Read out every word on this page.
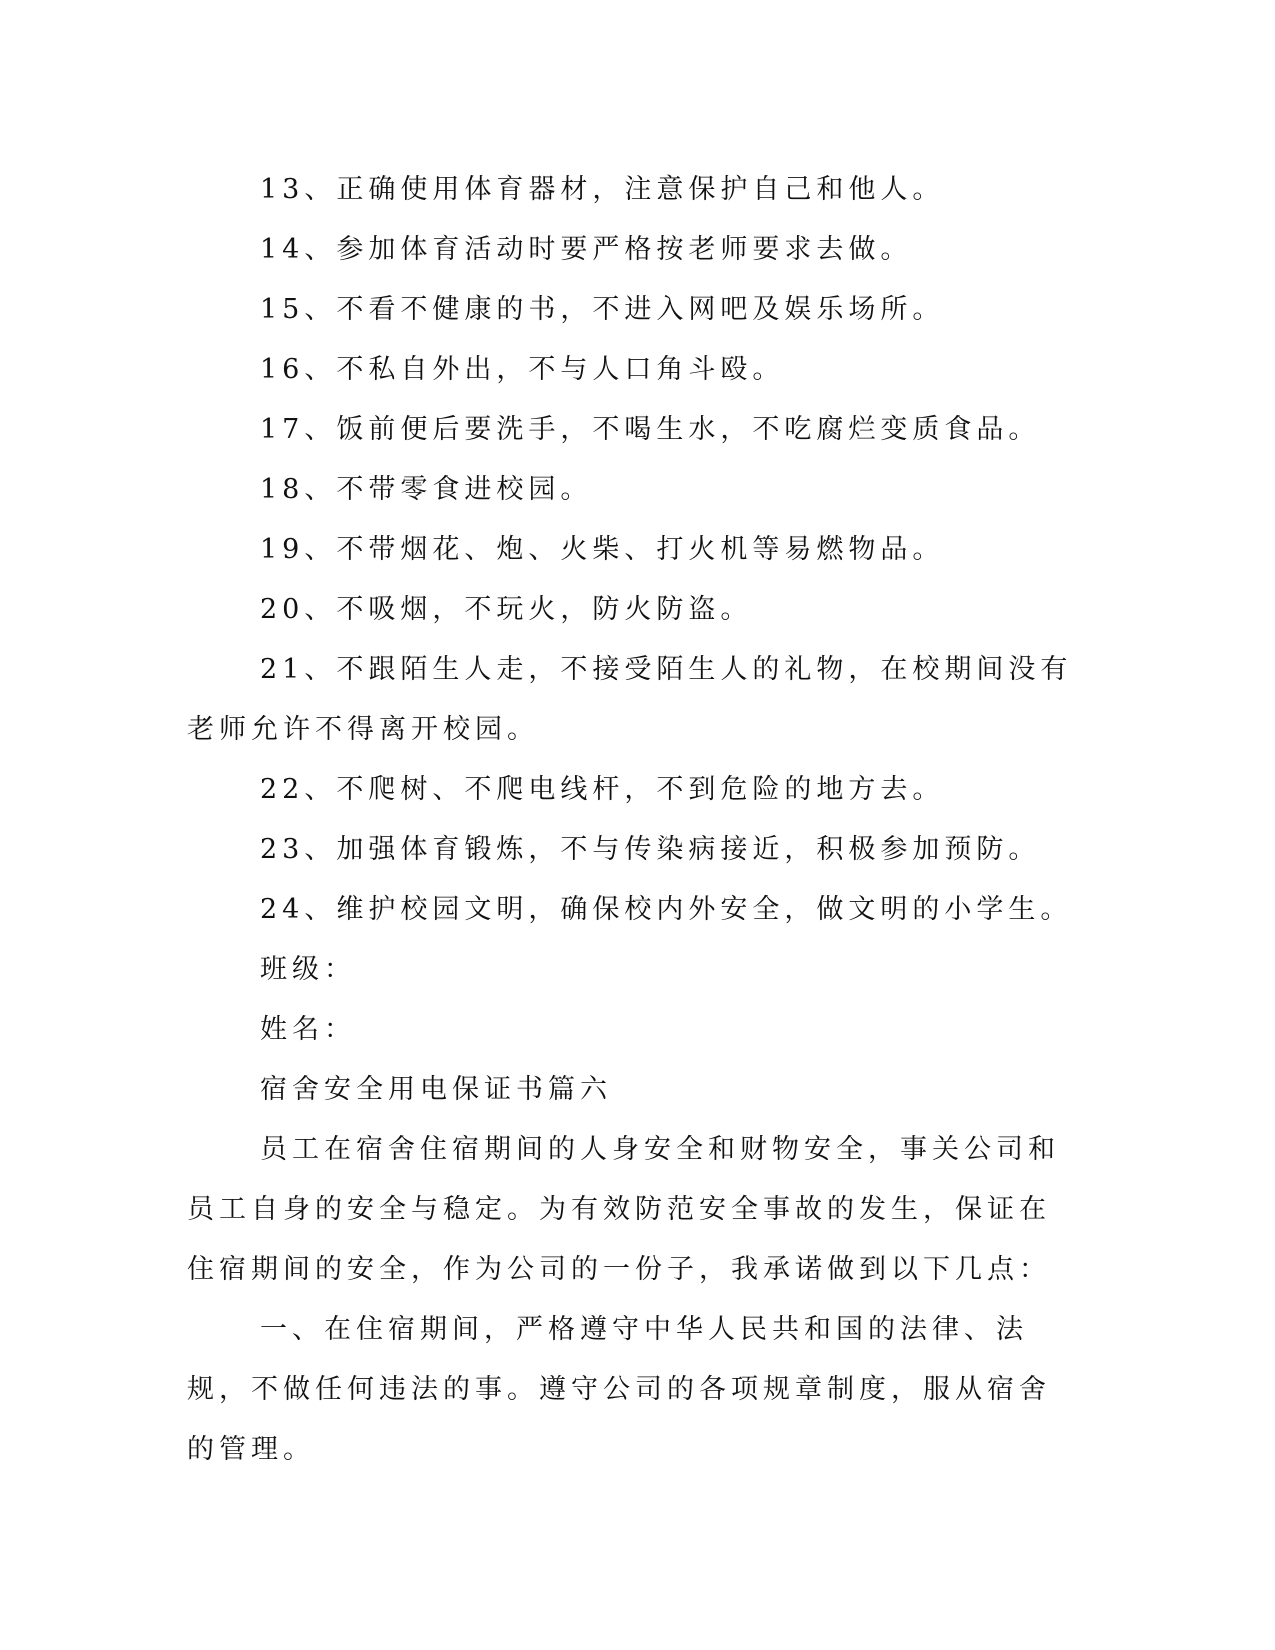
13、正确使用体育器材，注意保护自己和他人。

14、参加体育活动时要严格按老师要求去做。

15、不看不健康的书，不进入网吧及娱乐场所。

16、不私自外出，不与人口角斗殴。

17、饭前便后要洗手，不喝生水，不吃腐烂变质食品。

18、不带零食进校园。

19、不带烟花、炮、火柴、打火机等易燃物品。

20、不吸烟，不玩火，防火防盗。

21、不跟陌生人走，不接受陌生人的礼物，在校期间没有老师允许不得离开校园。

22、不爬树、不爬电线杆，不到危险的地方去。

23、加强体育锻炼，不与传染病接近，积极参加预防。

24、维护校园文明，确保校内外安全，做文明的小学生。

班级：

姓名：

宿舍安全用电保证书篇六

员工在宿舍住宿期间的人身安全和财物安全，事关公司和员工自身的安全与稳定。为有效防范安全事故的发生，保证在住宿期间的安全，作为公司的一份子，我承诺做到以下几点：

一、在住宿期间，严格遵守中华人民共和国的法律、法规，不做任何违法的事。遵守公司的各项规章制度，服从宿舍的管理。
